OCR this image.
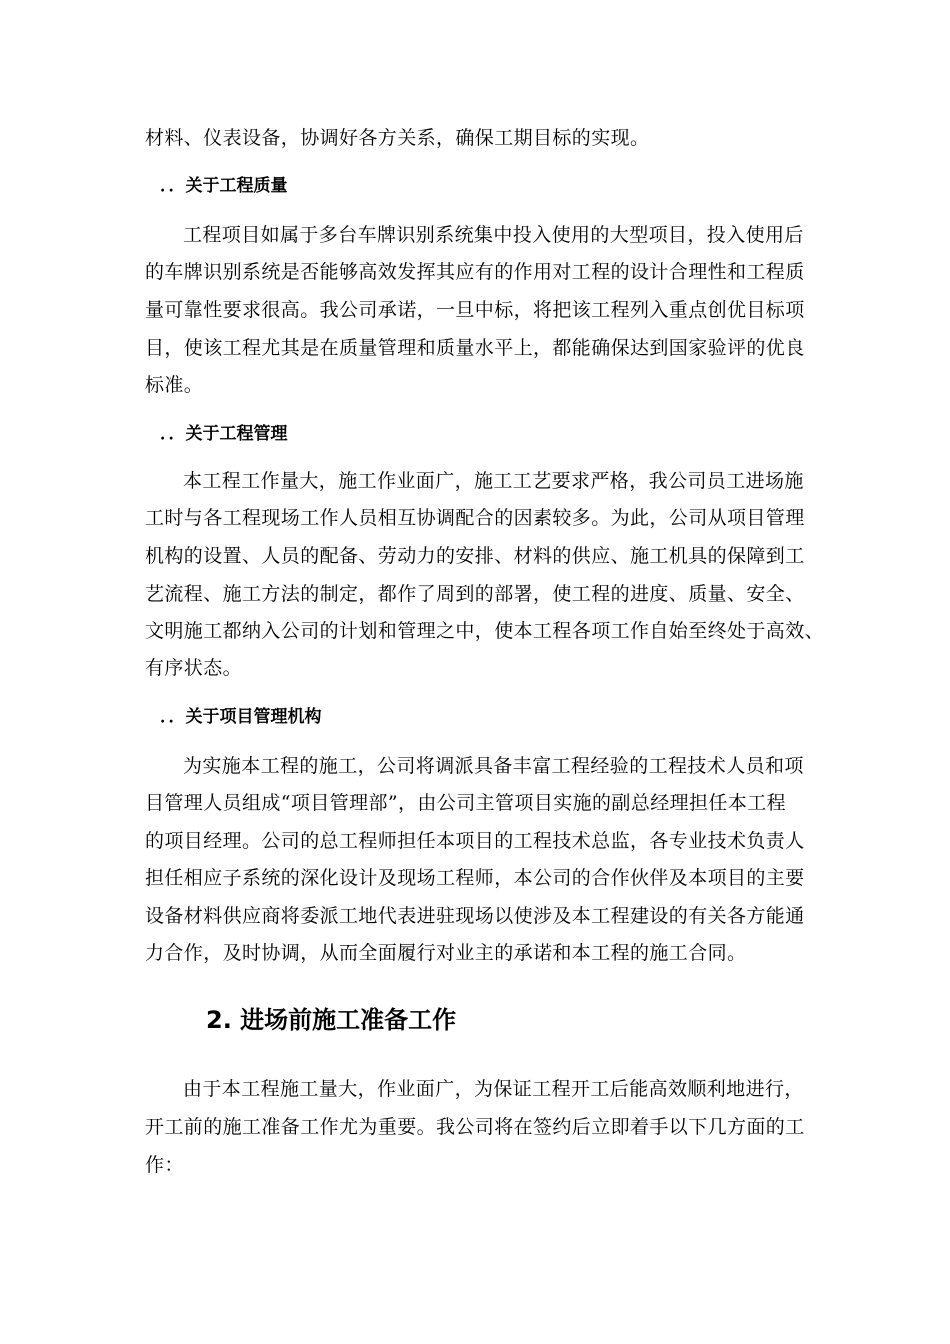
材料、仪表设备，协调好各方关系，确保工期目标的实现。
．．关于工程质量
工程项目如属于多台车牌识别系统集中投入使用的大型项目，投入使用后
的车牌识别系统是否能够高效发挥其应有的作用对工程的设计合理性和工程质
量可靠性要求很高。我公司承诺，一旦中标，将把该工程列入重点创优目标项
目，使该工程尤其是在质量管理和质量水平上，都能确保达到国家验评的优良
标准。
．．关于工程管理
本工程工作量大，施工作业面广，施工工艺要求严格，我公司员工进场施
工时与各工程现场工作人员相互协调配合的因素较多。为此，公司从项目管理
机构的设置、人员的配备、劳动力的安排、材料的供应、施工机具的保障到工
艺流程、施工方法的制定，都作了周到的部署，使工程的进度、质量、安全、
文明施工都纳入公司的计划和管理之中，使本工程各项工作自始至终处于高效、
有序状态。
．．关于项目管理机构
为实施本工程的施工，公司将调派具备丰富工程经验的工程技术人员和项
目管理人员组成“项目管理部”，由公司主管项目实施的副总经理担任本工程
的项目经理。公司的总工程师担任本项目的工程技术总监，各专业技术负责人
担任相应子系统的深化设计及现场工程师，本公司的合作伙伴及本项目的主要
设备材料供应商将委派工地代表进驻现场以使涉及本工程建设的有关各方能通
力合作，及时协调，从而全面履行对业主的承诺和本工程的施工合同。
2. 进场前施工准备工作
由于本工程施工量大，作业面广，为保证工程开工后能高效顺利地进行，
开工前的施工准备工作尤为重要。我公司将在签约后立即着手以下几方面的工
作：
